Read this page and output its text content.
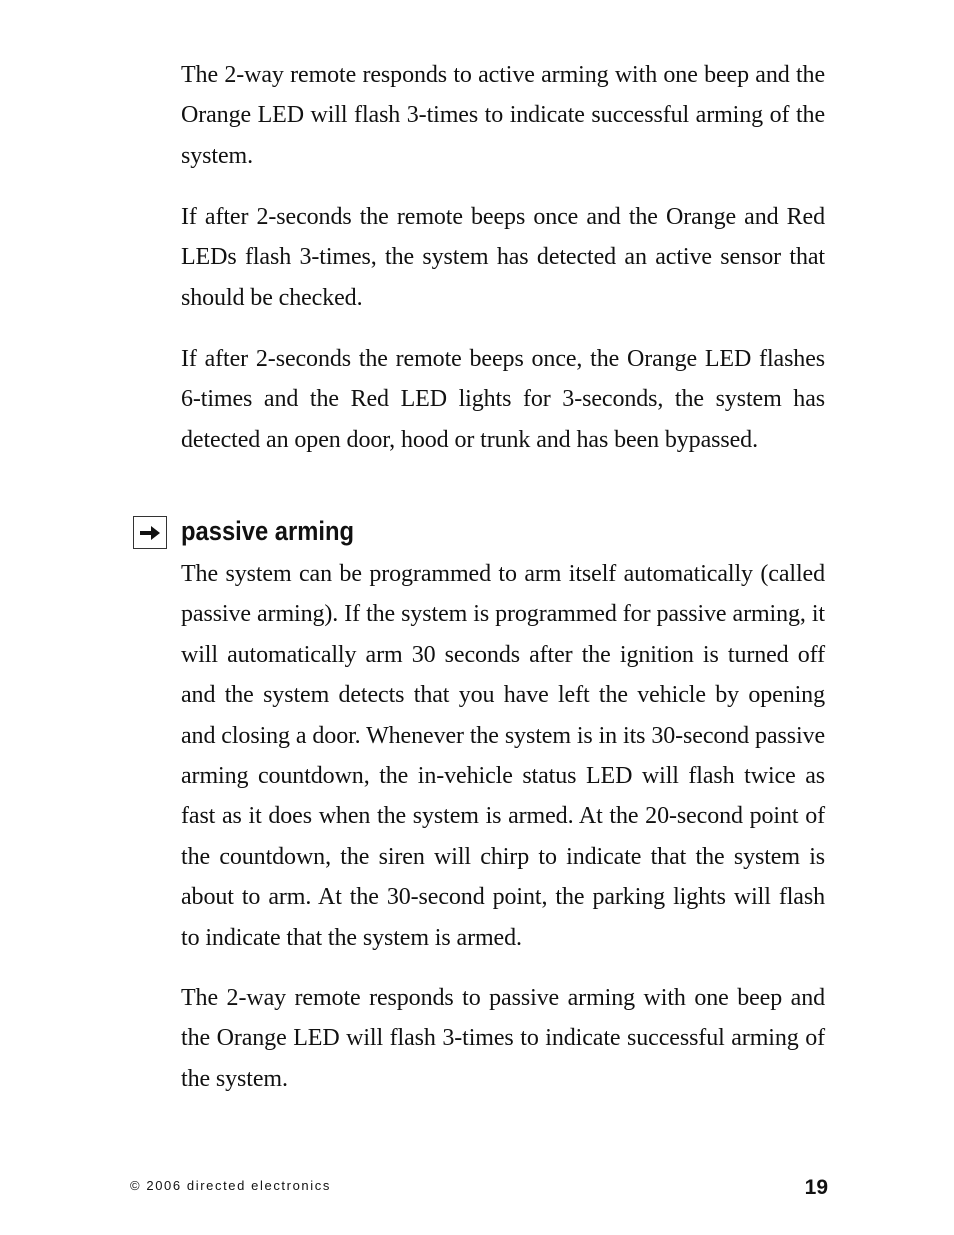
The 2-way remote responds to active arming with one beep and the Orange LED will flash 3-times to indicate successful arming of the system.

If after 2-seconds the remote beeps once and the Orange and Red LEDs flash 3-times, the system has detected an active sensor that should be checked.

If after 2-seconds the remote beeps once, the Orange LED flashes 6-times and the Red LED lights for 3-seconds, the system has detected an open door, hood or trunk and has been bypassed.

passive arming

The system can be programmed to arm itself automatically (called passive arming). If the system is programmed for passive arming, it will automatically arm 30 seconds after the ignition is turned off and the system detects that you have left the vehicle by opening and closing a door. Whenever the system is in its 30-second passive arming countdown, the in-vehicle status LED will flash twice as fast as it does when the system is armed. At the 20-second point of the countdown, the siren will chirp to indicate that the system is about to arm. At the 30-second point, the parking lights will flash to indicate that the system is armed.

The 2-way remote responds to passive arming with one beep and the Orange LED will flash 3-times to indicate successful arming of the system.

© 2006 directed electronics	19
